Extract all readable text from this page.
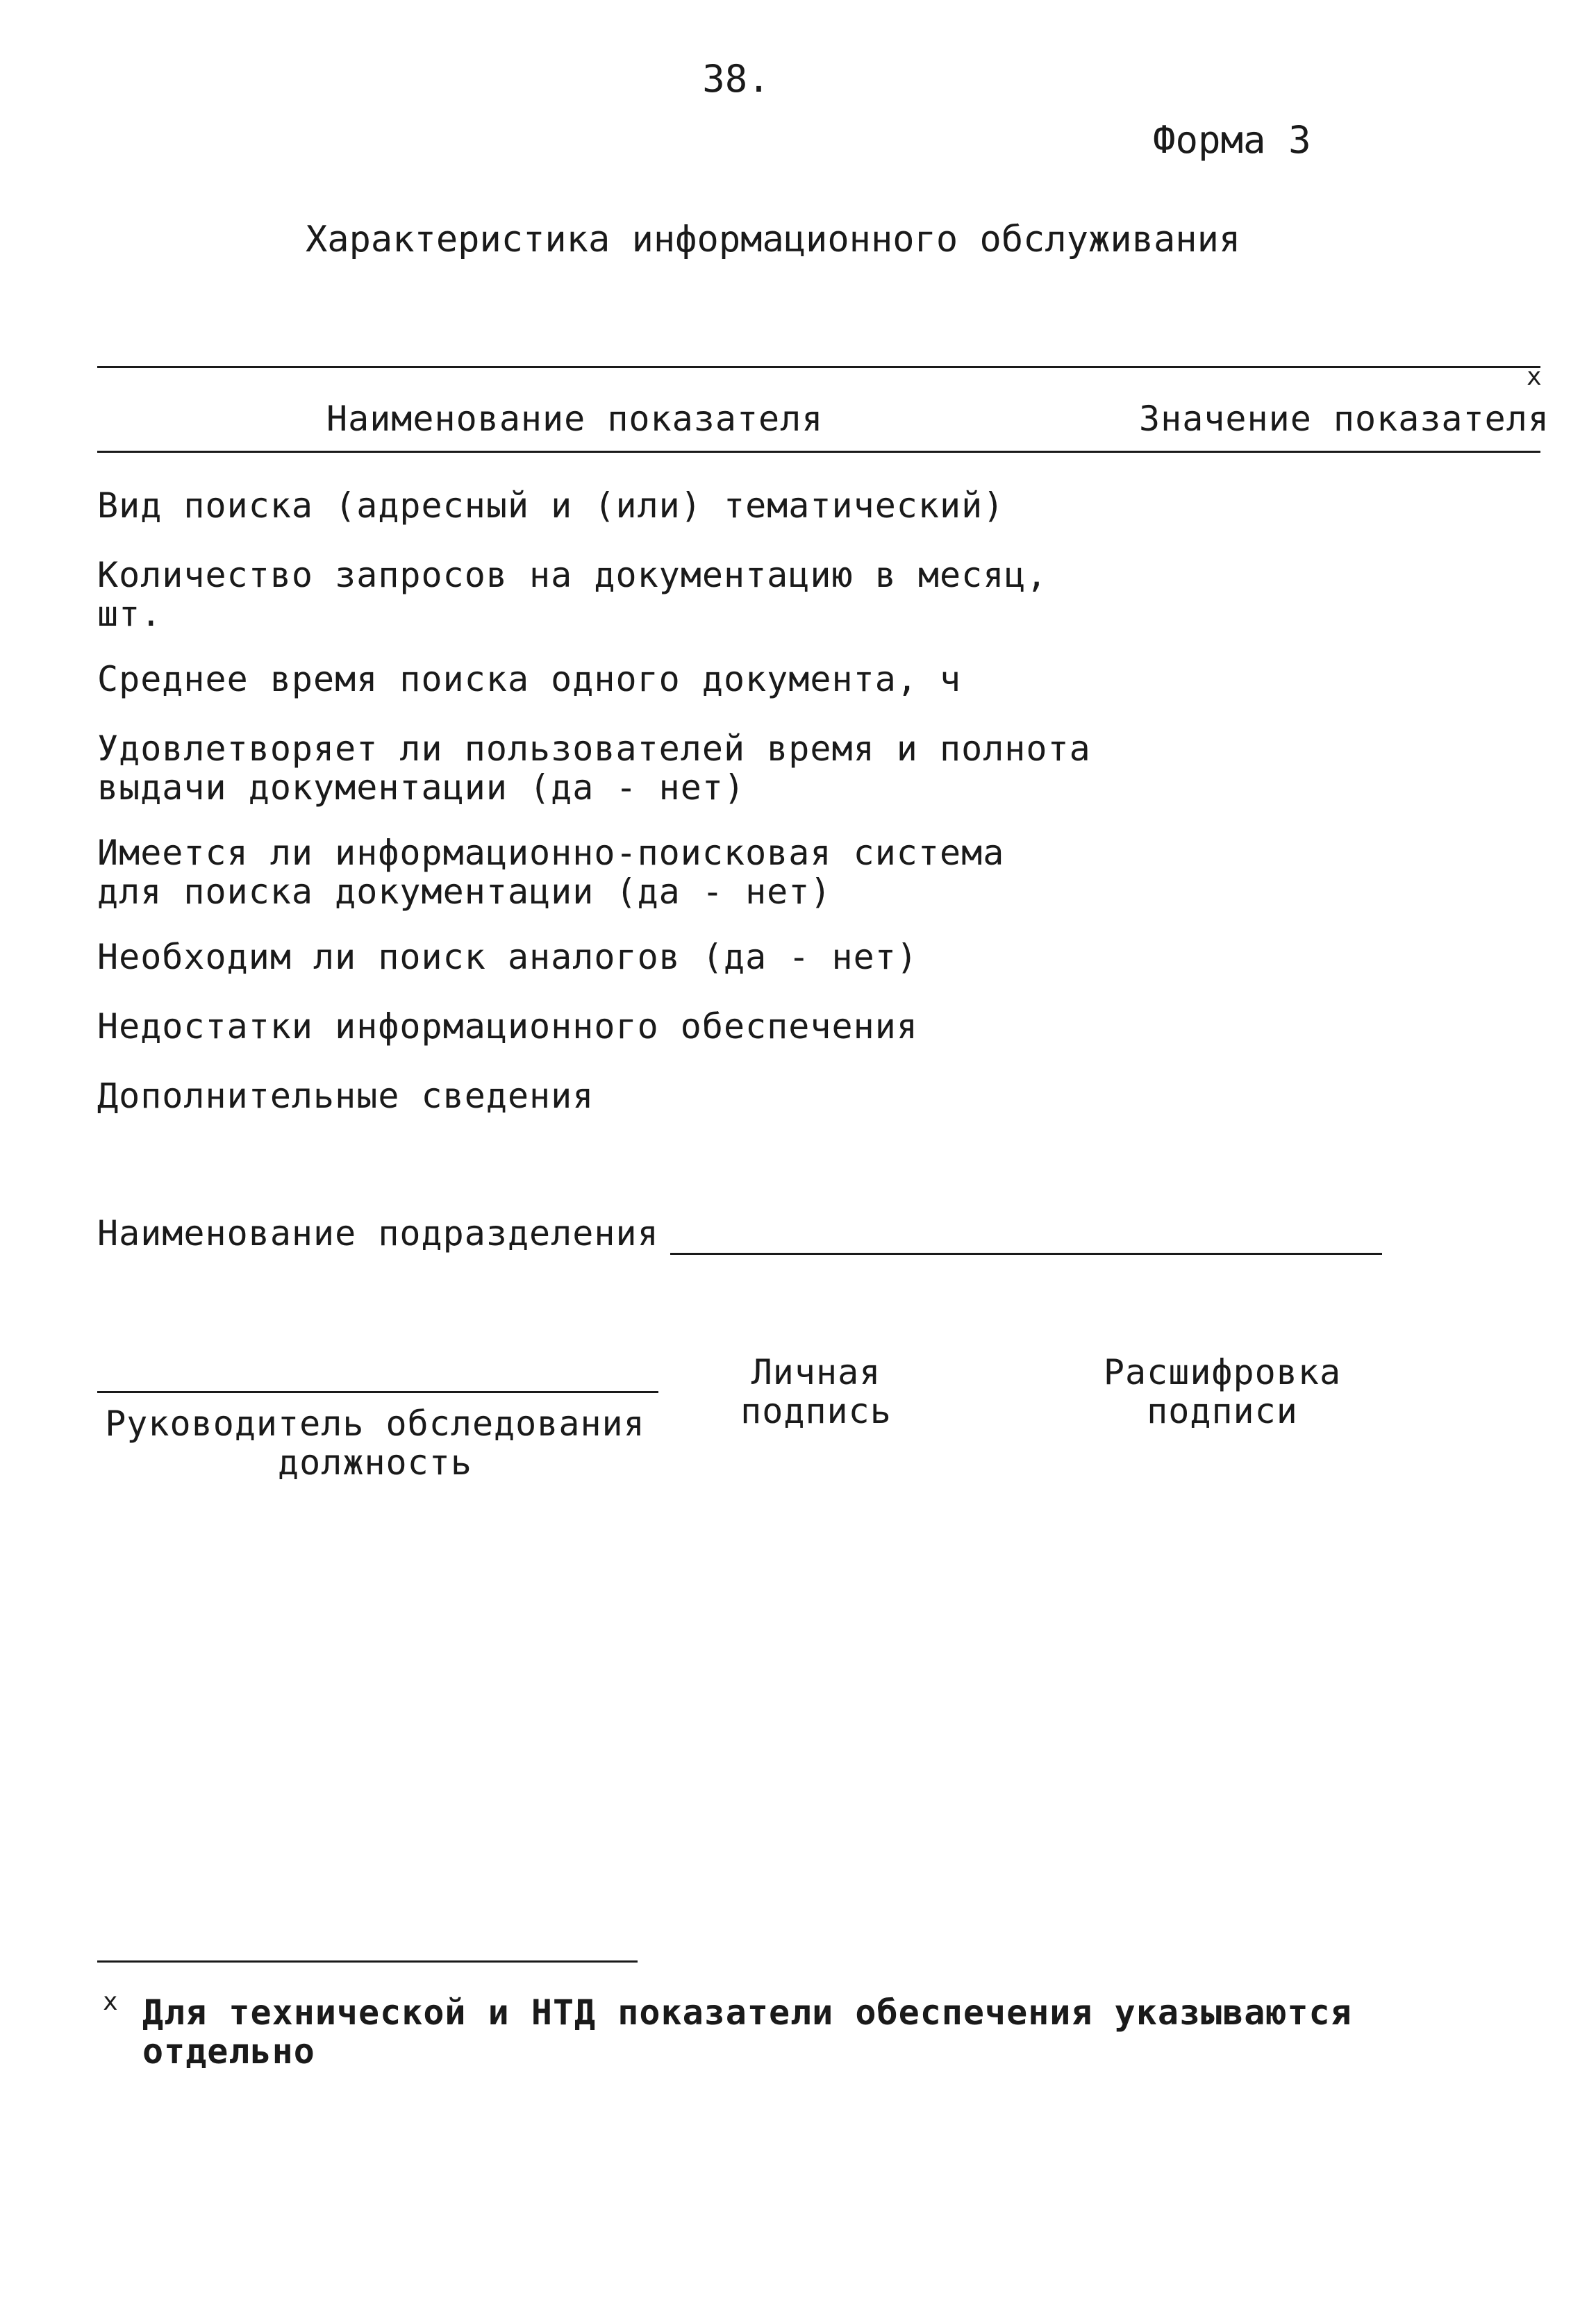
38.
Форма 3
Характеристика информационного обслуживания
Наименование показателя	Значение показателя
x
Вид поиска (адресный и (или) тематический)
Количество запросов на документацию в месяц,
шт.
Среднее время поиска одного документа, ч
Удовлетворяет ли пользователей время и полнота
выдачи документации (да - нет)
Имеется ли информационно-поисковая система
для поиска документации (да - нет)
Необходим ли поиск аналогов (да - нет)
Недостатки информационного обеспечения
Дополнительные сведения
Наименование подразделения
Руководитель обследования
должность
Личная
подпись
Расшифровка
подписи
x Для технической и НТД показатели обеспечения указываются
отдельно
